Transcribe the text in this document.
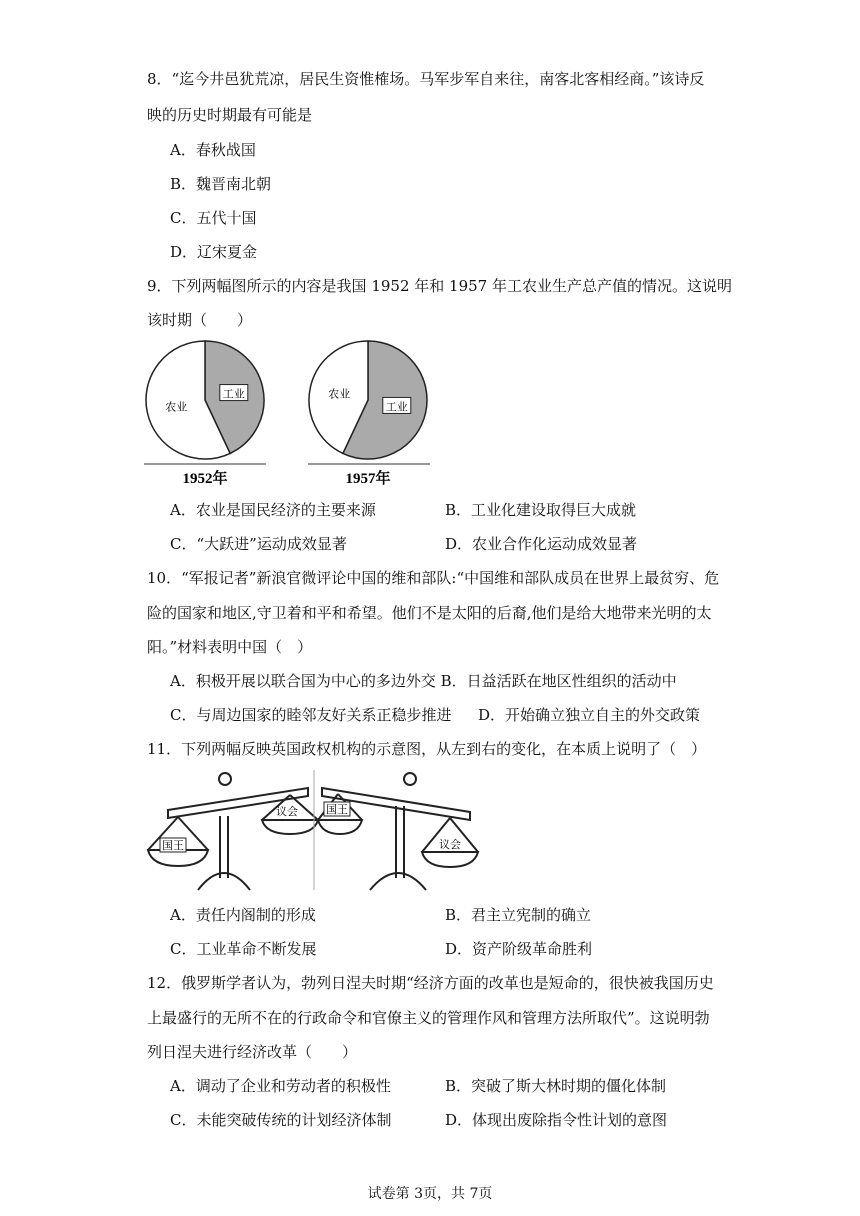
8．“迄今井邑犹荒凉，居民生资惟榷场。马军步军自来往，南客北客相经商。”该诗反
映的历史时期最有可能是
A．春秋战国
B．魏晋南北朝
C．五代十国
D．辽宋夏金
9．下列两幅图所示的内容是我国 1952 年和 1957 年工农业生产总产值的情况。这说明
该时期（　　）
工业
农业	工业
农业
1952年	1957年
A．农业是国民经济的主要来源	B．工业化建设取得巨大成就
C．“大跃进”运动成效显著	D．农业合作化运动成效显著
10．“军报记者”新浪官微评论中国的维和部队:“中国维和部队成员在世界上最贫穷、危
险的国家和地区,守卫着和平和希望。他们不是太阳的后裔,他们是给大地带来光明的太
阳。”材料表明中国（　）
A．积极开展以联合国为中心的多边外交 B．日益活跃在地区性组织的活动中
C．与周边国家的睦邻友好关系正稳步推进 D．开始确立独立自主的外交政策
11．下列两幅反映英国政权机构的示意图，从左到右的变化，在本质上说明了（　）
国王
议会	国王
议会
A．责任内阁制的形成	B．君主立宪制的确立
C．工业革命不断发展	D．资产阶级革命胜利
12．俄罗斯学者认为，勃列日涅夫时期“经济方面的改革也是短命的，很快被我国历史
上最盛行的无所不在的行政命令和官僚主义的管理作风和管理方法所取代”。这说明勃
列日涅夫进行经济改革（　　）
A．调动了企业和劳动者的积极性	B．突破了斯大林时期的僵化体制
C．未能突破传统的计划经济体制	D．体现出废除指令性计划的意图
试卷第 3页，共 7页
